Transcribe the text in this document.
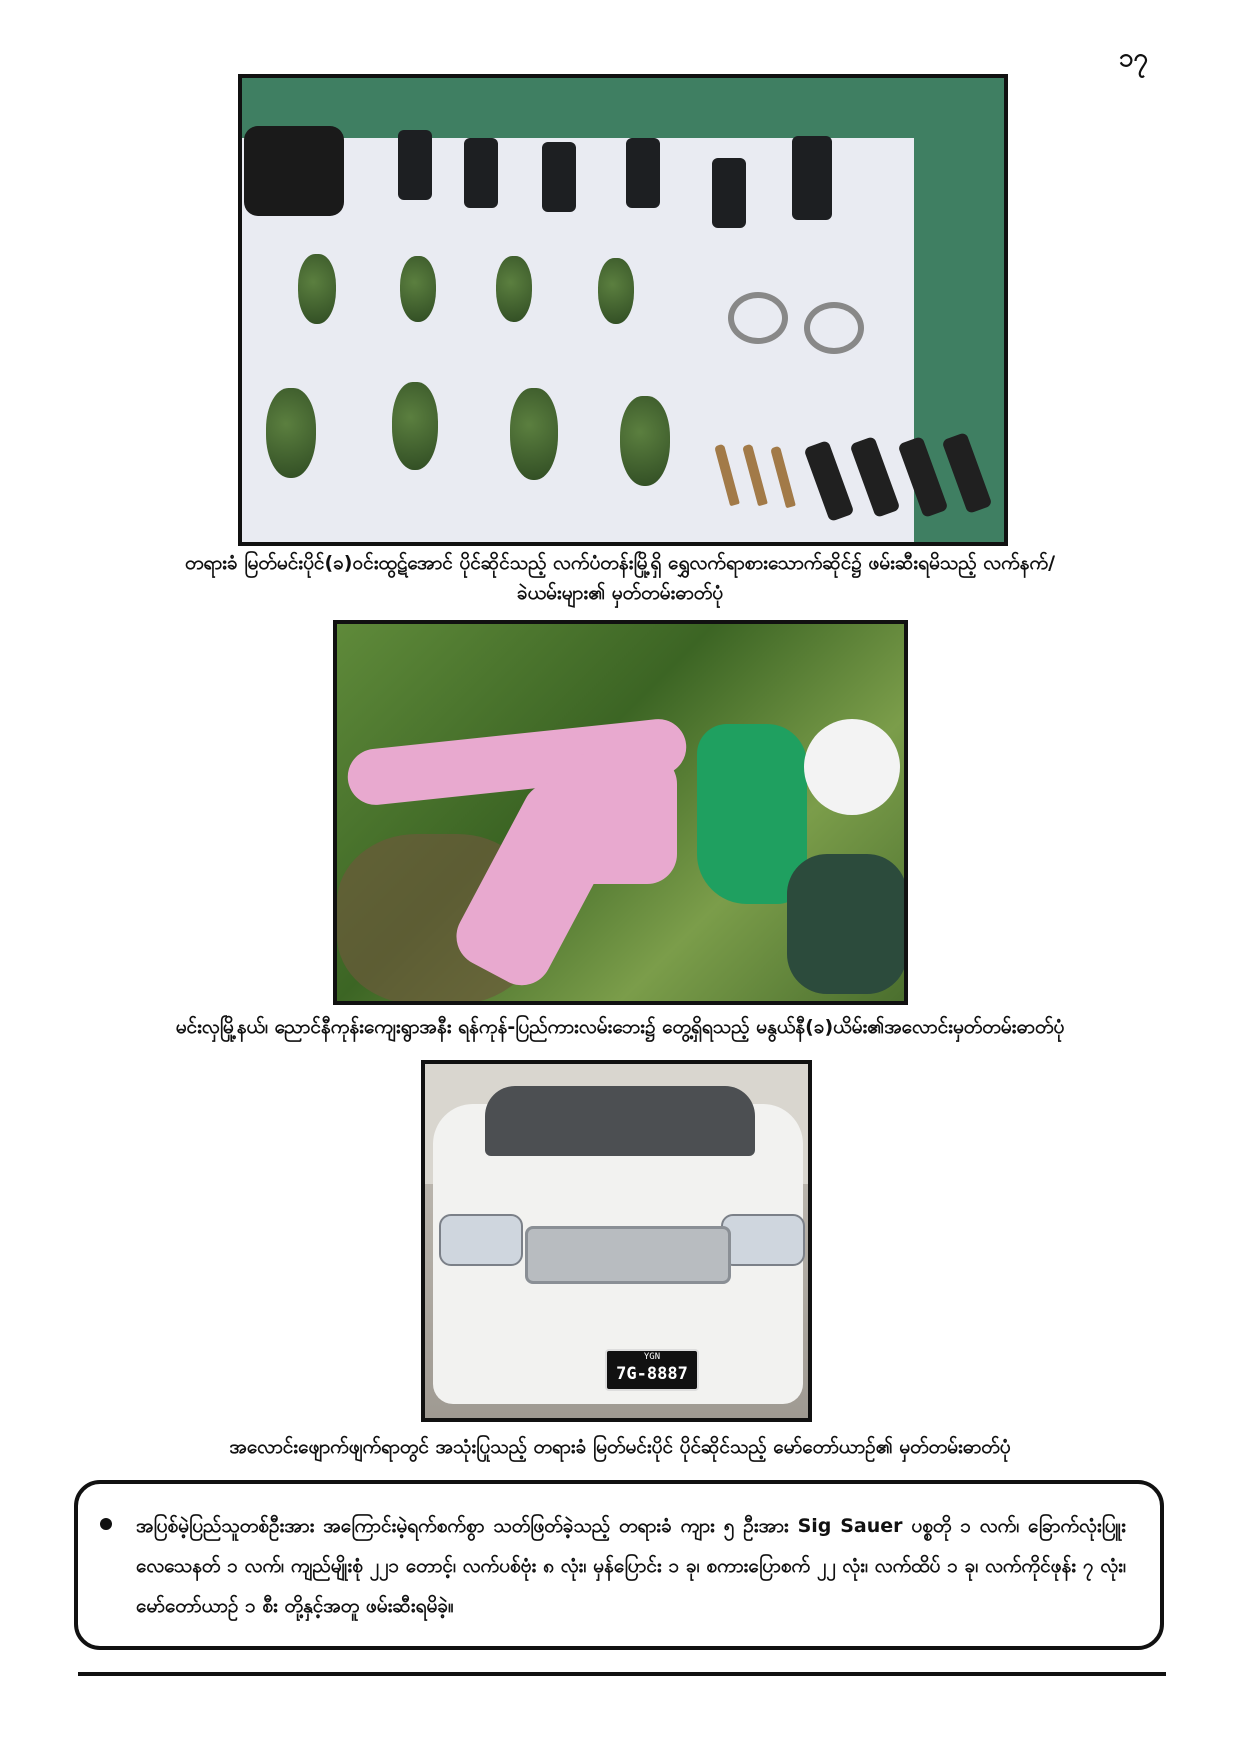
၁၇
တရားခံ မြတ်မင်းပိုင်(ခ)ဝင်းထွဋ်အောင် ပိုင်ဆိုင်သည့် လက်ပံတန်းမြို့ရှိ ရွှေလက်ရာစားသောက်ဆိုင်၌ ဖမ်းဆီးရမိသည့် လက်နက်/
ခဲယမ်းများ၏ မှတ်တမ်းဓာတ်ပုံ
မင်းလှမြို့နယ်၊ ညောင်နီကုန်းကျေးရွာအနီး ရန်ကုန်-ပြည်ကားလမ်းဘေး၌ တွေ့ရှိရသည့် မနွယ်နီ(ခ)ယိမ်း၏အလောင်းမှတ်တမ်းဓာတ်ပုံ
YGN
7G-8887
အလောင်းဖျောက်ဖျက်ရာတွင် အသုံးပြုသည့် တရားခံ မြတ်မင်းပိုင် ပိုင်ဆိုင်သည့် မော်တော်ယာဉ်၏ မှတ်တမ်းဓာတ်ပုံ
အပြစ်မဲ့ပြည်သူတစ်ဦးအား အကြောင်းမဲ့ရက်စက်စွာ သတ်ဖြတ်ခဲ့သည့် တရားခံ ကျား ၅ ဦးအား Sig Sauer ပစ္စတို ၁ လက်၊ ခြောက်လုံးပြူးလေသေနတ် ၁ လက်၊ ကျည်မျိုးစုံ ၂၂၁ တောင့်၊ လက်ပစ်ဗုံး ၈ လုံး၊ မှန်ပြောင်း ၁ ခု၊ စကားပြောစက် ၂၂ လုံး၊ လက်ထိပ် ၁ ခု၊ လက်ကိုင်ဖုန်း ၇ လုံး၊ မော်တော်ယာဉ် ၁ စီး တို့နှင့်အတူ ဖမ်းဆီးရမိခဲ့။
